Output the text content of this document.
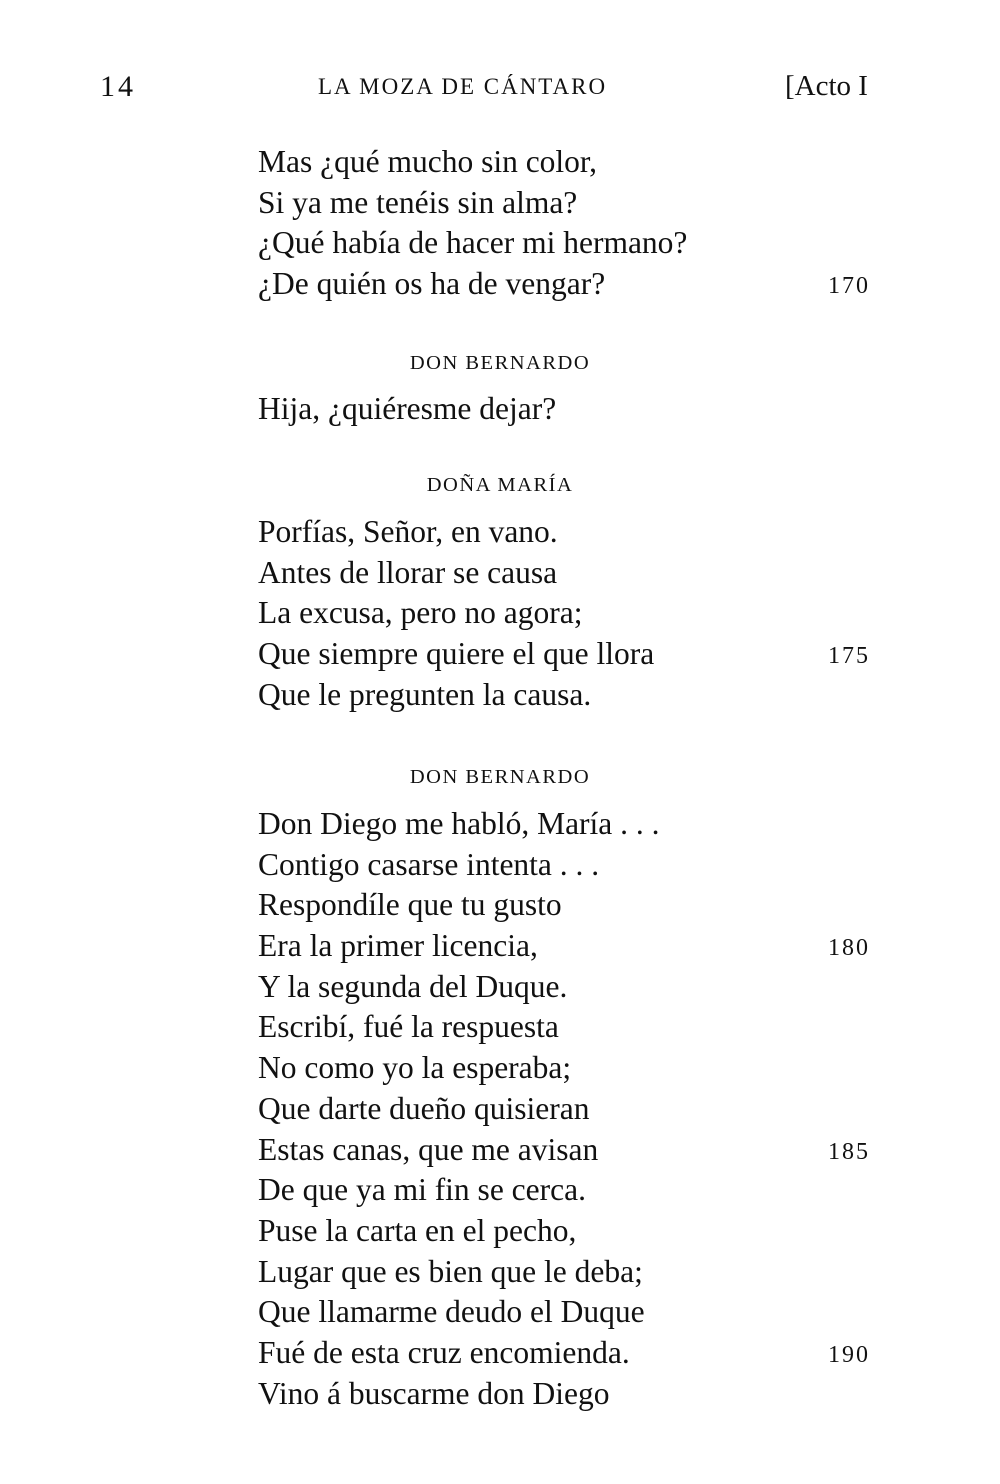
14	LA MOZA DE CÁNTARO	[Acto I
Mas ¿qué mucho sin color,
Si ya me tenéis sin alma?
¿Qué había de hacer mi hermano?
¿De quién os ha de vengar?	170
DON BERNARDO
Hija, ¿quiéresme dejar?
DOÑA MARÍA
Porfías, Señor, en vano.
Antes de llorar se causa
La excusa, pero no agora;
Que siempre quiere el que llora	175
Que le pregunten la causa.
DON BERNARDO
Don Diego me habló, María . . .
Contigo casarse intenta . . .
Respondíle que tu gusto
Era la primer licencia,	180
Y la segunda del Duque.
Escribí, fué la respuesta
No como yo la esperaba;
Que darte dueño quisieran
Estas canas, que me avisan	185
De que ya mi fin se cerca.
Puse la carta en el pecho,
Lugar que es bien que le deba;
Que llamarme deudo el Duque
Fué de esta cruz encomienda.	190
Vino á buscarme don Diego
